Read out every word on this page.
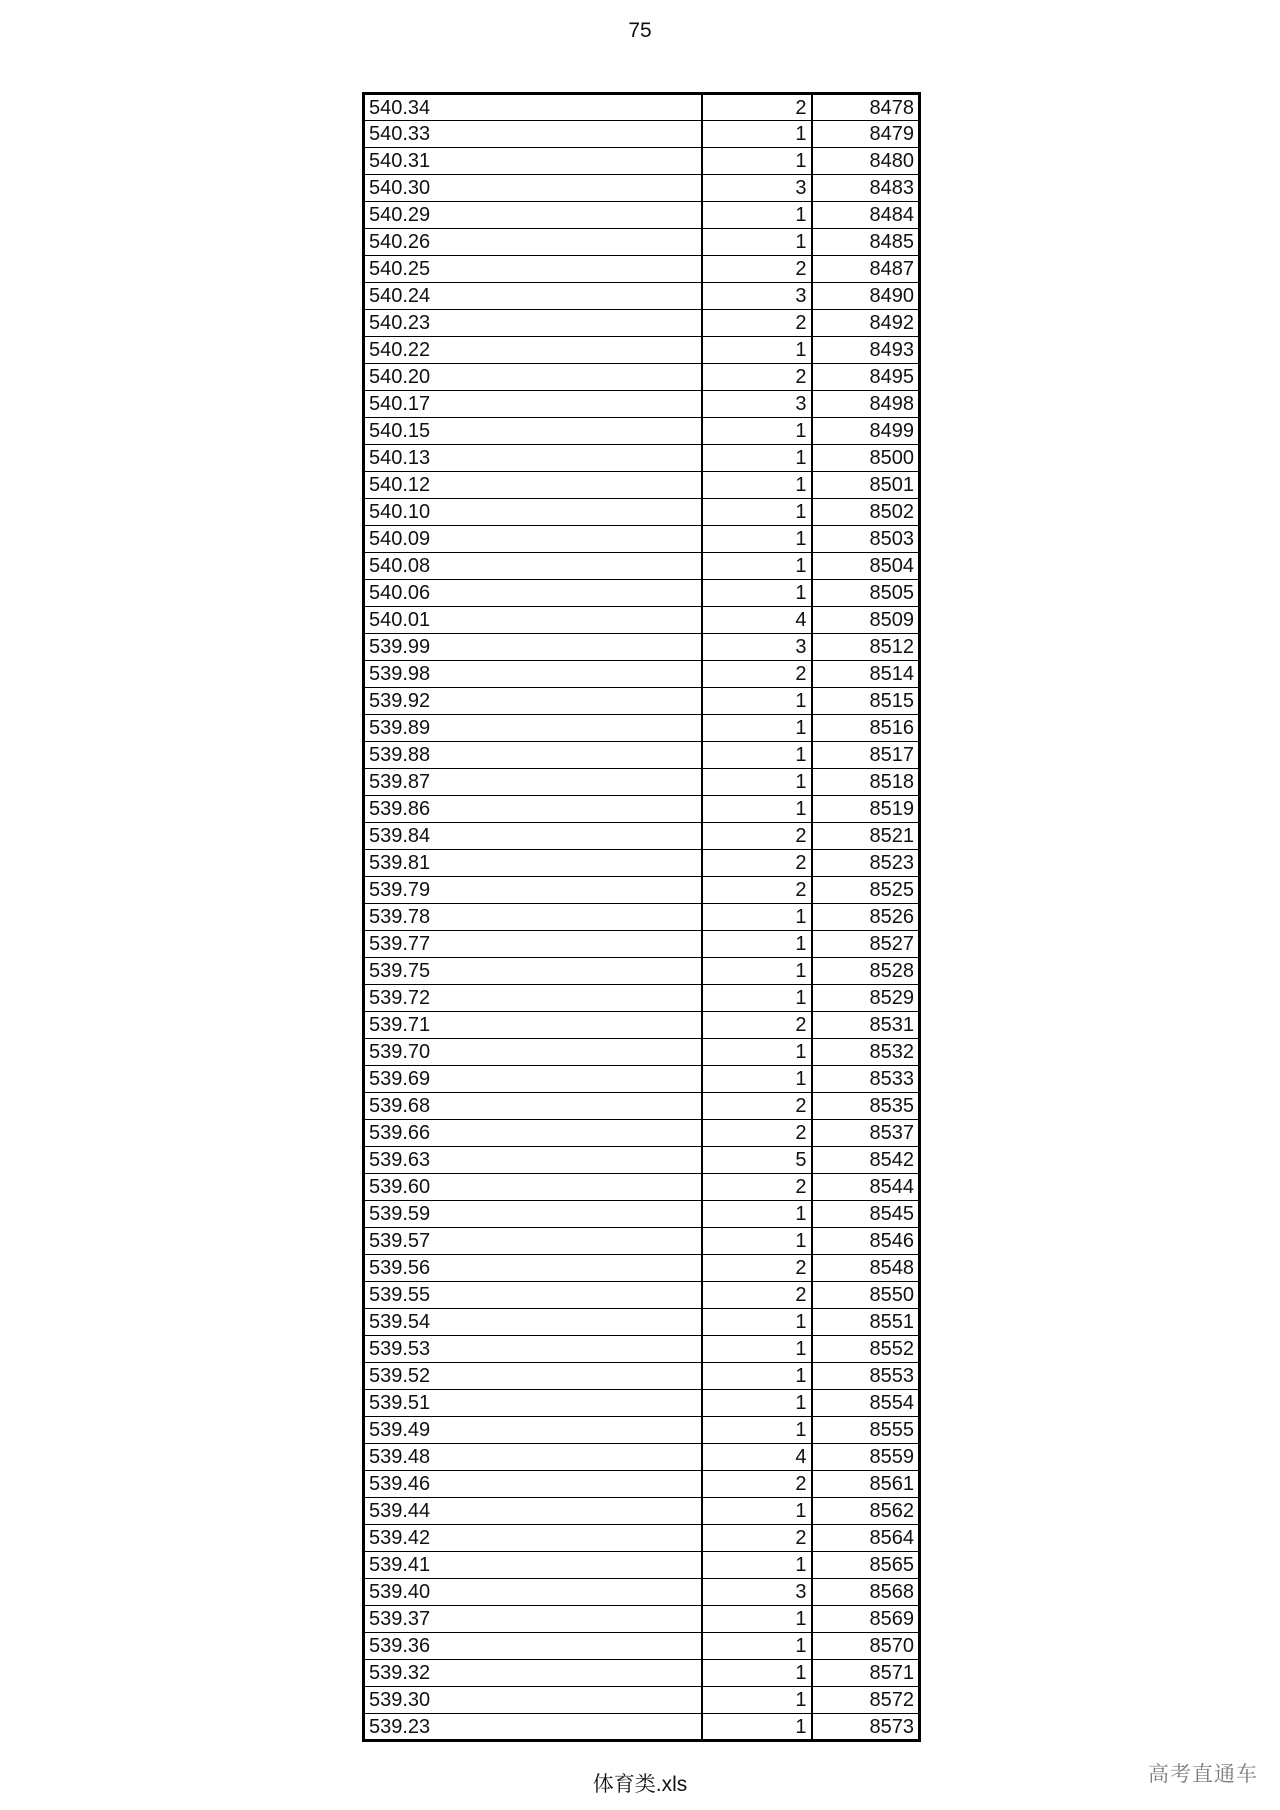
75
540.34	2	8478
540.33	1	8479
540.31	1	8480
540.30	3	8483
540.29	1	8484
540.26	1	8485
540.25	2	8487
540.24	3	8490
540.23	2	8492
540.22	1	8493
540.20	2	8495
540.17	3	8498
540.15	1	8499
540.13	1	8500
540.12	1	8501
540.10	1	8502
540.09	1	8503
540.08	1	8504
540.06	1	8505
540.01	4	8509
539.99	3	8512
539.98	2	8514
539.92	1	8515
539.89	1	8516
539.88	1	8517
539.87	1	8518
539.86	1	8519
539.84	2	8521
539.81	2	8523
539.79	2	8525
539.78	1	8526
539.77	1	8527
539.75	1	8528
539.72	1	8529
539.71	2	8531
539.70	1	8532
539.69	1	8533
539.68	2	8535
539.66	2	8537
539.63	5	8542
539.60	2	8544
539.59	1	8545
539.57	1	8546
539.56	2	8548
539.55	2	8550
539.54	1	8551
539.53	1	8552
539.52	1	8553
539.51	1	8554
539.49	1	8555
539.48	4	8559
539.46	2	8561
539.44	1	8562
539.42	2	8564
539.41	1	8565
539.40	3	8568
539.37	1	8569
539.36	1	8570
539.32	1	8571
539.30	1	8572
539.23	1	8573
体育类.xls	高考直通车
